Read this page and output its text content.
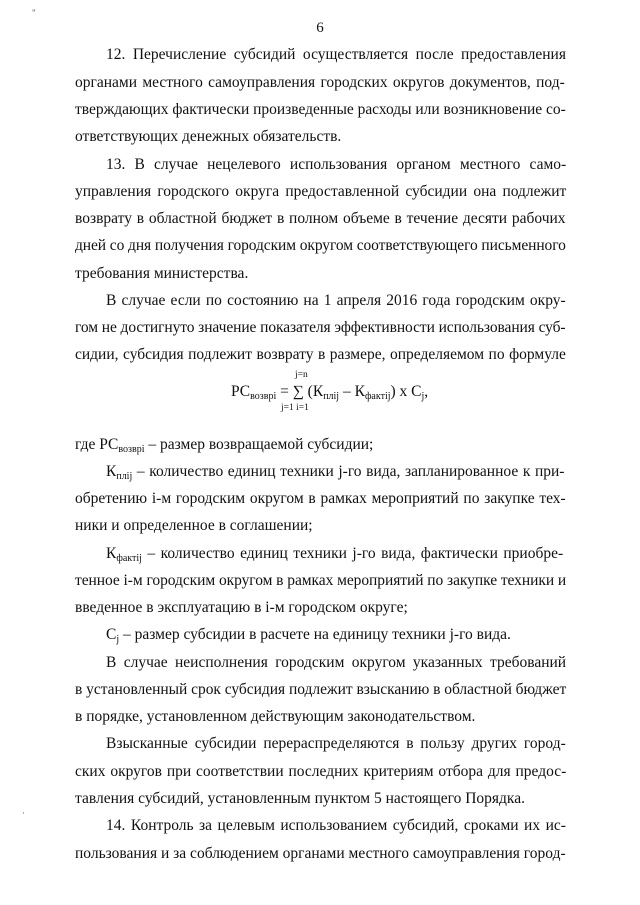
"
·
6
12. Перечисление субсидий осуществляется после предоставления
органами местного самоуправления городских округов документов, под-
тверждающих фактически произведенные расходы или возникновение со-
ответствующих денежных обязательств.
13. В случае нецелевого использования органом местного само-
управления городского округа предоставленной субсидии она подлежит
возврату в областной бюджет в полном объеме в течение десяти рабочих
дней со дня получения городским округом соответствующего письменного
требования министерства.
В случае если по состоянию на 1 апреля 2016 года городским окру-
гом не достигнуто значение показателя эффективности использования суб-
сидии, субсидия подлежит возврату в размере, определяемом по формуле
j=n
$РС_{возврі}$ = ∑ $(К_{плij} - К_{фактij})$ х $С_j$,
j=1 i=1
где $РС_{возврі}$ – размер возвращаемой субсидии;
$К_{плij}$ – количество единиц техники j-го вида, запланированное к при-
обретению i-м городским округом в рамках мероприятий по закупке тех-
ники и определенное в соглашении;
$К_{фактij}$ – количество единиц техники j-го вида, фактически приобре-
тенное i-м городским округом в рамках мероприятий по закупке техники и
введенное в эксплуатацию в i-м городском округе;
$С_j$ – размер субсидии в расчете на единицу техники j-го вида.
В случае неисполнения городским округом указанных требований
в установленный срок субсидия подлежит взысканию в областной бюджет
в порядке, установленном действующим законодательством.
Взысканные субсидии перераспределяются в пользу других город-
ских округов при соответствии последних критериям отбора для предос-
тавления субсидий, установленным пунктом 5 настоящего Порядка.
14. Контроль за целевым использованием субсидий, сроками их ис-
пользования и за соблюдением органами местного самоуправления город-
